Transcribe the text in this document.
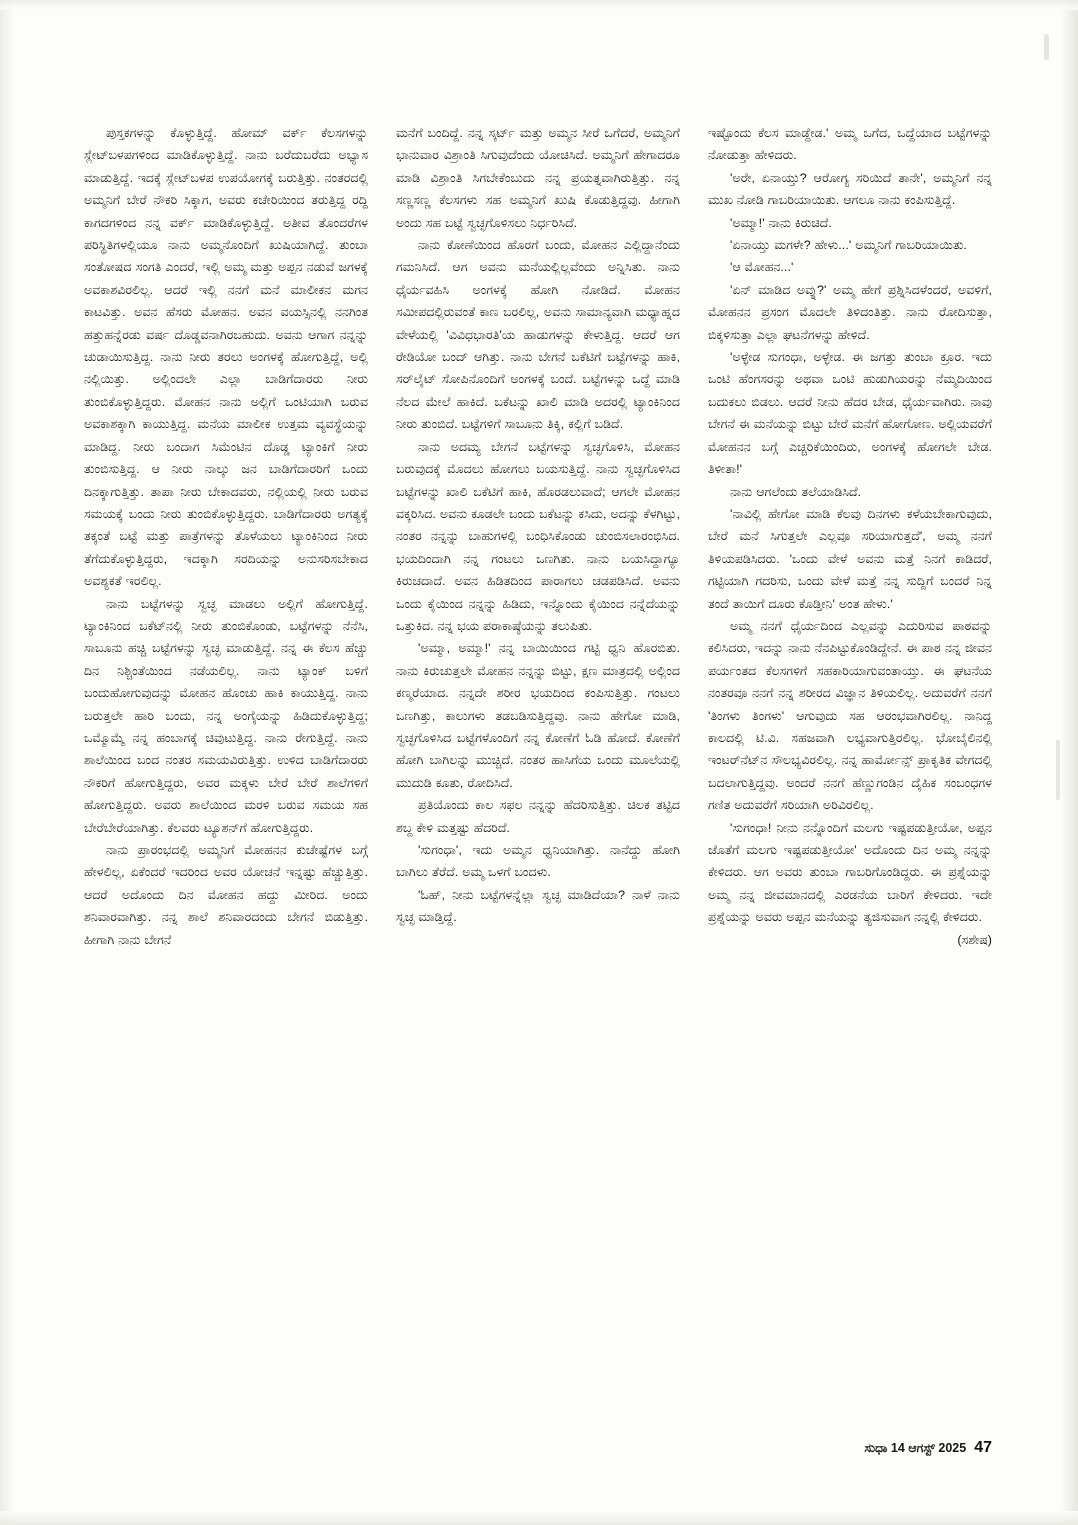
ಪುಸ್ತಕಗಳನ್ನು ಕೊಳ್ಳುತ್ತಿದ್ದೆ. ಹೋಮ್ ವರ್ಕ್ ಕೆಲಸಗಳನ್ನು ಸ್ಲೇಟ್‌ಬಳಪಗಳಿಂದ ಮಾಡಿಕೊಳ್ಳುತ್ತಿದ್ದೆ. ನಾನು ಬರೆದುಬರೆದು ಅಭ್ಯಾಸ ಮಾಡುತ್ತಿದ್ದೆ. ಇದಕ್ಕೆ ಸ್ಲೇಟ್‌ಬಳಪ ಉಪಯೋಗಕ್ಕೆ ಬರುತ್ತಿತ್ತು. ನಂತರದಲ್ಲಿ ಅಮ್ಮನಿಗೆ ಬೇರೆ ನೌಕರಿ ಸಿಕ್ಕಾಗ, ಅವರು ಕಚೇರಿಯಿಂದ ತರುತ್ತಿದ್ದ ರದ್ದಿ ಕಾಗದಗಳಿಂದ ನನ್ನ ವರ್ಕ್ ಮಾಡಿಕೊಳ್ಳುತ್ತಿದ್ದೆ. ಅತೀವ ತೊಂದರೆಗಳ ಪರಿಸ್ಥಿತಿಗಳಲ್ಲಿಯೂ ನಾನು ಅಮ್ಮನೊಂದಿಗೆ ಖುಷಿಯಾಗಿದ್ದೆ. ತುಂಬಾ ಸಂತೋಷದ ಸಂಗತಿ ಎಂದರೆ, ಇಲ್ಲಿ ಅಮ್ಮ ಮತ್ತು ಅಪ್ಪನ ನಡುವೆ ಜಗಳಕ್ಕೆ ಅವಕಾಶವಿರಲಿಲ್ಲ. ಆದರೆ ಇಲ್ಲಿ ನನಗೆ ಮನೆ ಮಾಲೀಕನ ಮಗನ ಕಾಟವಿತ್ತು. ಅವನ ಹೆಸರು ಮೋಹನ. ಅವನ ವಯಸ್ಸಿನಲ್ಲಿ ನನಗಿಂತ ಹತ್ತುಹನ್ನೆರಡು ವರ್ಷ ದೊಡ್ಡವನಾಗಿರಬಹುದು. ಅವನು ಆಗಾಗ ನನ್ನನ್ನು ಚುಡಾಯಿಸುತ್ತಿದ್ದ. ನಾನು ನೀರು ತರಲು ಅಂಗಳಕ್ಕೆ ಹೋಗುತ್ತಿದ್ದೆ, ಅಲ್ಲಿ ನಲ್ಲಿಯಿತ್ತು. ಅಲ್ಲಿಂದಲೇ ಎಲ್ಲಾ ಬಾಡಿಗೆದಾರರು ನೀರು ತುಂಬಿಕೊಳ್ಳುತ್ತಿದ್ದರು. ಮೋಹನ ನಾನು ಅಲ್ಲಿಗೆ ಒಂಟಿಯಾಗಿ ಬರುವ ಅವಕಾಶಕ್ಕಾಗಿ ಕಾಯುತ್ತಿದ್ದ. ಮನೆಯ ಮಾಲೀಕ ಉತ್ತಮ ವ್ಯವಸ್ಥೆಯನ್ನು ಮಾಡಿದ್ದ. ನೀರು ಬಂದಾಗ ಸಿಮೆಂಟಿನ ದೊಡ್ಡ ಟ್ಯಾಂಕಿಗೆ ನೀರು ತುಂಬಿಸುತ್ತಿದ್ದ. ಆ ನೀರು ನಾಲ್ಕು ಜನ ಬಾಡಿಗೆದಾರರಿಗೆ ಒಂದು ದಿನಕ್ಕಾಗುತ್ತಿತ್ತು. ತಾಪಾ ನೀರು ಬೇಕಾದವರು, ನಲ್ಲಿಯಲ್ಲಿ ನೀರು ಬರುವ ಸಮಯಕ್ಕೆ ಬಂದು ನೀರು ತುಂಬಿಕೊಳ್ಳುತ್ತಿದ್ದರು. ಬಾಡಿಗೆದಾರರು ಅಗತ್ಯಕ್ಕೆ ತಕ್ಕಂತೆ ಬಟ್ಟೆ ಮತ್ತು ಪಾತ್ರೆಗಳನ್ನು ತೊಳೆಯಲು ಟ್ಯಾಂಕಿನಿಂದ ನೀರು ತೆಗೆದುಕೊಳ್ಳುತ್ತಿದ್ದರು, ಇದಕ್ಕಾಗಿ ಸರದಿಯನ್ನು ಅನುಸರಿಸಬೇಕಾದ ಅವಶ್ಯಕತೆ ಇರಲಿಲ್ಲ.

ನಾನು ಬಟ್ಟೆಗಳನ್ನು ಸ್ವಚ್ಛ ಮಾಡಲು ಅಲ್ಲಿಗೆ ಹೋಗುತ್ತಿದ್ದೆ. ಟ್ಯಾಂಕಿನಿಂದ ಬಕೆಟ್‌ನಲ್ಲಿ ನೀರು ತುಂಬಿಕೊಂಡು, ಬಟ್ಟೆಗಳನ್ನು ನೆನೆಸಿ, ಸಾಬೂನು ಹಚ್ಚಿ ಬಟ್ಟೆಗಳನ್ನು ಸ್ವಚ್ಛ ಮಾಡುತ್ತಿದ್ದೆ. ನನ್ನ ಈ ಕೆಲಸ ಹೆಚ್ಚು ದಿನ ನಿಶ್ಚಿಂತೆಯಿಂದ ನಡೆಯಲಿಲ್ಲ. ನಾನು ಟ್ಯಾಂಕ್ ಬಳಿಗೆ ಬಂದುಹೋಗುವುದನ್ನು ಮೋಹನ ಹೊಂಚು ಹಾಕಿ ಕಾಯುತ್ತಿದ್ದ. ನಾನು ಬರುತ್ತಲೇ ಹಾರಿ ಬಂದು, ನನ್ನ ಅಂಗೈಯನ್ನು ಹಿಡಿದುಕೊಳ್ಳುತ್ತಿದ್ದ; ಒಮ್ಮೊಮ್ಮೆ ನನ್ನ ಹಂಬಾಗಕ್ಕೆ ಚಿವುಟುತ್ತಿದ್ದ. ನಾನು ರೇಗುತ್ತಿದ್ದೆ. ನಾನು ಶಾಲೆಯಿಂದ ಬಂದ ನಂತರ ಸಮಯವಿರುತ್ತಿತ್ತು. ಉಳಿದ ಬಾಡಿಗೆದಾರರು ನೌಕರಿಗೆ ಹೋಗುತ್ತಿದ್ದರು, ಅವರ ಮಕ್ಕಳು ಬೇರೆ ಬೇರೆ ಶಾಲೆಗಳಿಗೆ ಹೋಗುತ್ತಿದ್ದರು. ಅವರು ಶಾಲೆಯಿಂದ ಮರಳಿ ಬರುವ ಸಮಯ ಸಹ ಬೇರೆಬೇರೆಯಾಗಿತ್ತು. ಕೆಲವರು ಟ್ಯೂಶನ್‌ಗೆ ಹೋಗುತ್ತಿದ್ದರು.

ನಾನು ಪ್ರಾರಂಭದಲ್ಲಿ ಅಮ್ಮನಿಗೆ ಮೋಹನನ ಕುಚೇಷ್ಟೆಗಳ ಬಗ್ಗೆ ಹೇಳಲಿಲ್ಲ, ಏಕೆಂದರೆ ಇದರಿಂದ ಅವರ ಯೋಚನೆ ಇನ್ನಷ್ಟು ಹೆಚ್ಚುತ್ತಿತ್ತು. ಆದರೆ ಅದೊಂದು ದಿನ ಮೋಹನ ಹದ್ದು ಮೀರಿದ. ಅಂದು ಶನಿವಾರವಾಗಿತ್ತು. ನನ್ನ ಶಾಲೆ ಶನಿವಾರದಂದು ಬೇಗನೆ ಬಿಡುತ್ತಿತ್ತು. ಹೀಗಾಗಿ ನಾನು ಬೇಗನೆ

ಮನೆಗೆ ಬಂದಿದ್ದೆ. ನನ್ನ ಸ್ಕರ್ಟ್ ಮತ್ತು ಅಮ್ಮನ ಸೀರೆ ಒಗೆದರೆ, ಅಮ್ಮನಿಗೆ ಭಾನುವಾರ ವಿಶ್ರಾಂತಿ ಸಿಗುವುದೆಂದು ಯೋಚಿಸಿದೆ. ಅಮ್ಮನಿಗೆ ಹೇಗಾದರೂ ಮಾಡಿ ವಿಶ್ರಾಂತಿ ಸಿಗಬೇಕೆಂಬುದು ನನ್ನ ಪ್ರಯತ್ನವಾಗಿರುತ್ತಿತ್ತು. ನನ್ನ ಸಣ್ಣಸಣ್ಣ ಕೆಲಸಗಳು ಸಹ ಅಮ್ಮನಿಗೆ ಖುಷಿ ಕೊಡುತ್ತಿದ್ದವು. ಹೀಗಾಗಿ ಅಂದು ಸಹ ಬಟ್ಟೆ ಸ್ವಚ್ಛಗೊಳಿಸಲು ನಿರ್ಧರಿಸಿದೆ.

ನಾನು ಕೋಣೆಯಿಂದ ಹೊರಗೆ ಬಂದು, ಮೋಹನ ಎಲ್ಲಿದ್ದಾನೆಂದು ಗಮನಿಸಿದೆ. ಆಗ ಅವನು ಮನೆಯಲ್ಲಿಲ್ಲವೆಂದು ಅನ್ನಿಸಿತು. ನಾನು ಧೈರ್ಯವಹಿಸಿ ಅಂಗಳಕ್ಕೆ ಹೋಗಿ ನೋಡಿದೆ. ಮೋಹನ ಸಮೀಪದಲ್ಲಿರುವಂತೆ ಕಾಣ ಬರಲಿಲ್ಲ, ಅವನು ಸಾಮಾನ್ಯವಾಗಿ ಮಧ್ಯಾಹ್ನದ ವೇಳೆಯಲ್ಲಿ 'ವಿವಿಧಭಾರತಿ'ಯ ಹಾಡುಗಳನ್ನು ಕೇಳುತ್ತಿದ್ದ. ಆದರೆ ಆಗ ರೇಡಿಯೋ ಬಂದ್ ಆಗಿತ್ತು. ನಾನು ಬೇಗನೆ ಬಕೆಟಿಗೆ ಬಟ್ಟೆಗಳನ್ನು ಹಾಕಿ, ಸರ್‌ಲೈಟ್ ಸೋಪಿನೊಂದಿಗೆ ಅಂಗಳಕ್ಕೆ ಬಂದೆ. ಬಟ್ಟೆಗಳನ್ನು ಒದ್ದೆ ಮಾಡಿ ನೆಲದ ಮೇಲೆ ಹಾಕಿದೆ. ಬಕೆಟನ್ನು ಖಾಲಿ ಮಾಡಿ ಅದರಲ್ಲಿ ಟ್ಯಾಂಕಿನಿಂದ ನೀರು ತುಂಬಿದೆ. ಬಟ್ಟೆಗಳಿಗೆ ಸಾಬೂನು ತಿಕ್ಕಿ, ಕಲ್ಲಿಗೆ ಬಡಿದೆ.

ನಾನು ಅದಮ್ಯ ಬೇಗನೆ ಬಟ್ಟೆಗಳನ್ನು ಸ್ವಚ್ಛಗೊಳಿಸಿ, ಮೋಹನ ಬರುವುದಕ್ಕೆ ಮೊದಲು ಹೋಗಲು ಬಯಸುತ್ತಿದ್ದೆ. ನಾನು ಸ್ವಚ್ಛಗೊಳಿಸಿದ ಬಟ್ಟೆಗಳನ್ನು ಖಾಲಿ ಬಕೆಟಿಗೆ ಹಾಕಿ, ಹೊರಡಲುವಾದೆ; ಆಗಲೇ ಮೋಹನ ವಕ್ಕರಿಸಿದ. ಅವನು ಕೂಡಲೇ ಬಂದು ಬಕೆಟನ್ನು ಕಸಿದು, ಅದನ್ನು ಕೆಳಗಿಟ್ಟು, ನಂತರ ನನ್ನನ್ನು ಬಾಹುಗಳಲ್ಲಿ ಬಂಧಿಸಿಕೊಂಡು ಚುಂಬಿಸಲಾರಂಭಿಸಿದ. ಭಯದಿಂದಾಗಿ ನನ್ನ ಗಂಟಲು ಒಣಗಿತು. ನಾನು ಬಯಸಿದ್ದಾಗ್ಯೂ ಕಿರುಚದಾದೆ. ಅವನ ಹಿಡಿತದಿಂದ ಪಾರಾಗಲು ಚಡಪಡಿಸಿದೆ. ಅವನು ಒಂದು ಕೈಯಿಂದ ನನ್ನನ್ನು ಹಿಡಿದು, ಇನ್ನೊಂದು ಕೈಯಿಂದ ನನ್ನೆದೆಯನ್ನು ಒತ್ತುಕಿದ. ನನ್ನ ಭಯ ಪರಾಕಾಷ್ಠೆಯನ್ನು ತಲುಪಿತು.

'ಅಮ್ಮಾ, ಅಮ್ಮಾ!' ನನ್ನ ಬಾಯಿಯಿಂದ ಗಟ್ಟಿ ಧ್ವನಿ ಹೊರಬಿತು. ನಾನು ಕಿರುಚುತ್ತಲೇ ಮೋಹನ ನನ್ನನ್ನು ಬಿಟ್ಟು, ಕ್ಷಣ ಮಾತ್ರದಲ್ಲಿ ಅಲ್ಲಿಂದ ಕಣ್ಮರೆಯಾದ. ನನ್ನದೇ ಶರೀರ ಭಯದಿಂದ ಕಂಪಿಸುತ್ತಿತ್ತು. ಗಂಟಲು ಒಣಗಿತ್ತು, ಕಾಲುಗಳು ತಡಬಡಿಸುತ್ತಿದ್ದವು. ನಾನು ಹೇಗೋ ಮಾಡಿ, ಸ್ವಚ್ಛಗೊಳಿಸಿದ ಬಟ್ಟೆಗಳೊಂದಿಗೆ ನನ್ನ ಕೋಣೆಗೆ ಓಡಿ ಹೋದೆ. ಕೋಣೆಗೆ ಹೋಗಿ ಬಾಗಿಲನ್ನು ಮುಚ್ಚಿದೆ. ನಂತರ ಹಾಸಿಗೆಯ ಒಂದು ಮೂಲೆಯಲ್ಲಿ ಮುದುಡಿ ಕೂತು, ರೋದಿಸಿದೆ.

ಪ್ರತಿಯೊಂದು ಕಾಲ ಸಫಲ ನನ್ನನ್ನು ಹೆದರಿಸುತ್ತಿತ್ತು. ಚಿಲಕ ತಟ್ಟಿದ ಶಬ್ದ ಕೇಳಿ ಮತ್ತಷ್ಟು ಹೆದರಿದೆ.

'ಸುಗಂಧಾ', ಇದು ಅಮ್ಮನ ಧ್ವನಿಯಾಗಿತ್ತು. ನಾನೆದ್ದು ಹೋಗಿ ಬಾಗಿಲು ತೆರೆದೆ. ಅಮ್ಮ ಒಳಗೆ ಬಂದಳು.

'ಓಹ್, ನೀನು ಬಟ್ಟೆಗಳನ್ನೆಲ್ಲಾ ಸ್ವಚ್ಛ ಮಾಡಿದೆಯಾ? ನಾಳೆ ನಾನು ಸ್ವಚ್ಛ ಮಾಡ್ತಿದ್ದೆ.

ಇಷ್ಟೊಂದು ಕೆಲಸ ಮಾಡ್ದೇಡ.' ಅಮ್ಮ ಒಗೆದ, ಒದ್ದೆಯಾದ ಬಟ್ಟೆಗಳನ್ನು ನೋಡುತ್ತಾ ಹೇಳಿದರು.

'ಅರೇ, ಏನಾಯ್ತು? ಆರೋಗ್ಯ ಸರಿಯಿದೆ ತಾನೇ', ಅಮ್ಮನಿಗೆ ನನ್ನ ಮುಖ ನೋಡಿ ಗಾಬರಿಯಾಯಿತು. ಆಗಲೂ ನಾನು ಕಂಪಿಸುತ್ತಿದ್ದೆ.

'ಅಮ್ಮಾ!' ನಾನು ಕಿರುಚಿದೆ.

'ಏನಾಯ್ತು ಮಗಳೇ? ಹೇಳು...' ಅಮ್ಮನಿಗೆ ಗಾಬರಿಯಾಯಿತು.

'ಆ ಮೋಹನ...'

'ಏನ್ ಮಾಡಿದ ಅವ್ನು?' ಅಮ್ಮ ಹೇಗೆ ಪ್ರಶ್ನಿಸಿದಳೆಂದರೆ, ಅವಳಿಗೆ, ಮೋಹನನ ಪ್ರಸಂಗ ಮೊದಲೇ ತಿಳಿದಂತಿತ್ತು. ನಾನು ರೋದಿಸುತ್ತಾ, ಬಿಕ್ಕಳಿಸುತ್ತಾ ಎಲ್ಲಾ ಘಟನೆಗಳನ್ನು ಹೇಳಿದೆ.

'ಅಳ್ಳೇಡ ಸುಗಂಧಾ, ಅಳ್ಳೇಡ. ಈ ಜಗತ್ತು ತುಂಬಾ ಕ್ರೂರ. ಇದು ಒಂಟಿ ಹೆಂಗಸರನ್ನು ಅಥವಾ ಒಂಟಿ ಹುಡುಗಿಯರನ್ನು ನೆಮ್ಮದಿಯಿಂದ ಬದುಕಲು ಬಿಡಲು. ಆದರೆ ನೀನು ಹೆದರ ಬೇಡ, ಧೈರ್ಯವಾಗಿರು. ನಾವು ಬೇಗನೆ ಈ ಮನೆಯನ್ನು ಬಿಟ್ಟು ಬೇರೆ ಮನೆಗೆ ಹೋಗೋಣ. ಅಲ್ಲಿಯವರೆಗೆ ಮೋಹನನ ಬಗ್ಗೆ ಎಚ್ಚರಿಕೆಯಿಂದಿರು, ಅಂಗಳಕ್ಕೆ ಹೋಗಲೇ ಬೇಡ. ತಿಳೀತಾ!'

ನಾನು ಆಗಲೆಂದು ತಲೆಯಾಡಿಸಿದೆ.

'ನಾವಿಲ್ಲಿ ಹೇಗೋ ಮಾಡಿ ಕೆಲವು ದಿನಗಳು ಕಳೆಯಬೇಕಾಗುವುದು, ಬೇರೆ ಮನೆ ಸಿಗುತ್ತಲೇ ಎಲ್ಲವೂ ಸರಿಯಾಗುತ್ತದೆ', ಅಮ್ಮ ನನಗೆ ತಿಳಿಯಪಡಿಸಿದರು. 'ಒಂದು ವೇಳೆ ಅವನು ಮತ್ತೆ ನಿನಗೆ ಕಾಡಿದರೆ, ಗಟ್ಟಿಯಾಗಿ ಗದರಿಸು, ಒಂದು ವೇಳೆ ಮತ್ತೆ ನನ್ನ ಸುದ್ದಿಗೆ ಬಂದರೆ ನಿನ್ನ ತಂದೆ ತಾಯಿಗೆ ದೂರು ಕೊಡ್ತೀನಿ' ಅಂತ ಹೇಳು.'

ಅಮ್ಮ ನನಗೆ ಧೈರ್ಯದಿಂದ ಎಲ್ಲವನ್ನು ಎದುರಿಸುವ ಪಾಠವನ್ನು ಕಲಿಸಿದರು, ಇದನ್ನು ನಾನು ನೆನಪಿಟ್ಟುಕೊಂಡಿದ್ದೇನೆ. ಈ ಪಾಠ ನನ್ನ ಜೀವನ ಪರ್ಯಂತದ ಕೆಲಸಗಳಿಗೆ ಸಹಕಾರಿಯಾಗುವಂತಾಯ್ತು. ಈ ಘಟನೆಯ ನಂತರವೂ ನನಗೆ ನನ್ನ ಶರೀರದ ವಿಜ್ಞಾನ ತಿಳಿಯಲಿಲ್ಲ. ಅದುವರೆಗೆ ನನಗೆ 'ತಿಂಗಳು ತಿಂಗಳು' ಆಗುವುದು ಸಹ ಆರಂಭವಾಗಿರಲಿಲ್ಲ. ನಾನಿದ್ದ ಕಾಲದಲ್ಲಿ ಟಿ.ವಿ. ಸಹಜವಾಗಿ ಲಭ್ಯವಾಗುತ್ತಿರಲಿಲ್ಲ. ಭೋಬೈಲಿನಲ್ಲಿ ಇಂಟರ್‌ನೆಟ್‌ನ ಸೌಲಭ್ಯವಿರಲಿಲ್ಲ. ನನ್ನ ಹಾರ್ಮೋನ್ಸ್ ಪ್ರಾಕೃತಿಕ ವೇಗದಲ್ಲಿ ಬದಲಾಗುತ್ತಿದ್ದವು. ಅಂದರೆ ನನಗೆ ಹೆಣ್ಣುಗಂಡಿನ ದೈಹಿಕ ಸಂಬಂಧಗಳ ಗಣಿತ ಅದುವರೆಗೆ ಸರಿಯಾಗಿ ಅರಿವಿರಲಿಲ್ಲ.

'ಸುಗಂಧಾ! ನೀನು ನನ್ನೊಂದಿಗೆ ಮಲಗು ಇಷ್ಟಪಡುತ್ತೀಯೋ, ಅಪ್ಪನ ಜೊತೆಗೆ ಮಲಗು ಇಷ್ಟಪಡುತ್ತೀಯೋ' ಅದೊಂದು ದಿನ ಅಮ್ಮ ನನ್ನನ್ನು ಕೇಳಿದರು. ಆಗ ಅವರು ತುಂಬಾ ಗಾಬರಿಗೊಂಡಿದ್ದರು. ಈ ಪ್ರಶ್ನೆಯನ್ನು ಅಮ್ಮ ನನ್ನ ಜೀವಮಾನದಲ್ಲಿ ಎರಡನೆಯ ಬಾರಿಗೆ ಕೇಳಿದರು. ಇದೇ ಪ್ರಶ್ನೆಯನ್ನು ಅವರು ಅಪ್ಪನ ಮನೆಯನ್ನು ತ್ಯಜಿಸುವಾಗ ನನ್ನಲ್ಲಿ ಕೇಳಿದರು.

(ಸಶೇಷ)

ಸುಧಾ 14 ಆಗಸ್ಟ್ 2025 47
